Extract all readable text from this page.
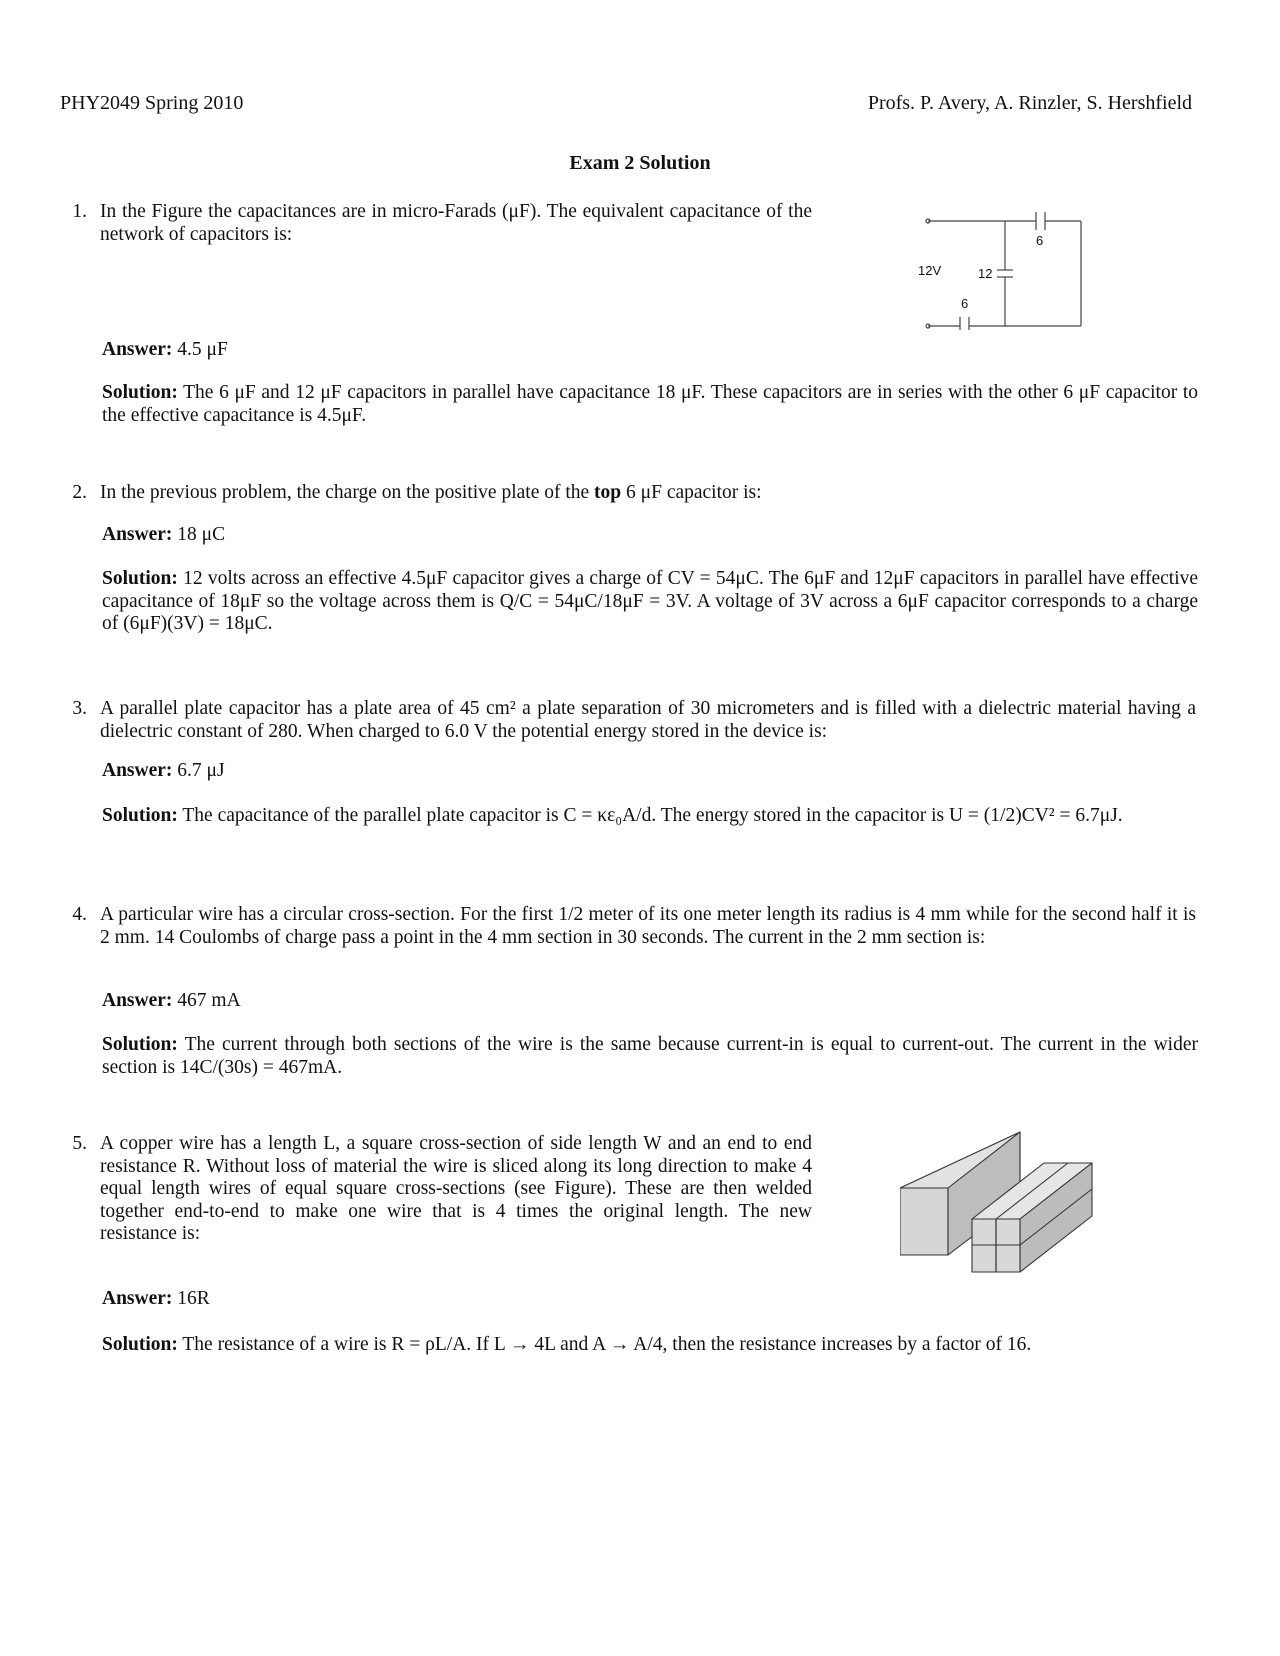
PHY2049 Spring 2010	Profs. P. Avery, A. Rinzler, S. Hershfield
Exam 2 Solution
1. In the Figure the capacitances are in micro-Farads (μF). The equivalent capacitance of the network of capacitors is:
12V
6
12
6
Answer: 4.5 μF
Solution: The 6 μF and 12 μF capacitors in parallel have capacitance 18 μF. These capacitors are in series with the other 6 μF capacitor to the effective capacitance is 4.5μF.
2. In the previous problem, the charge on the positive plate of the top 6 μF capacitor is:
Answer: 18 μC
Solution: 12 volts across an effective 4.5μF capacitor gives a charge of CV = 54μC. The 6μF and 12μF capacitors in parallel have effective capacitance of 18μF so the voltage across them is Q/C = 54μC/18μF = 3V. A voltage of 3V across a 6μF capacitor corresponds to a charge of (6μF)(3V) = 18μC.
3. A parallel plate capacitor has a plate area of 45 cm² a plate separation of 30 micrometers and is filled with a dielectric material having a dielectric constant of 280. When charged to 6.0 V the potential energy stored in the device is:
Answer: 6.7 μJ
Solution: The capacitance of the parallel plate capacitor is C = κε₀A/d. The energy stored in the capacitor is U = (1/2)CV² = 6.7μJ.
4. A particular wire has a circular cross-section. For the first 1/2 meter of its one meter length its radius is 4 mm while for the second half it is 2 mm. 14 Coulombs of charge pass a point in the 4 mm section in 30 seconds. The current in the 2 mm section is:
Answer: 467 mA
Solution: The current through both sections of the wire is the same because current-in is equal to current-out. The current in the wider section is 14C/(30s) = 467mA.
5. A copper wire has a length L, a square cross-section of side length W and an end to end resistance R. Without loss of material the wire is sliced along its long direction to make 4 equal length wires of equal square cross-sections (see Figure). These are then welded together end-to-end to make one wire that is 4 times the original length. The new resistance is:
Answer: 16R
Solution: The resistance of a wire is R = ρL/A. If L → 4L and A → A/4, then the resistance increases by a factor of 16.
